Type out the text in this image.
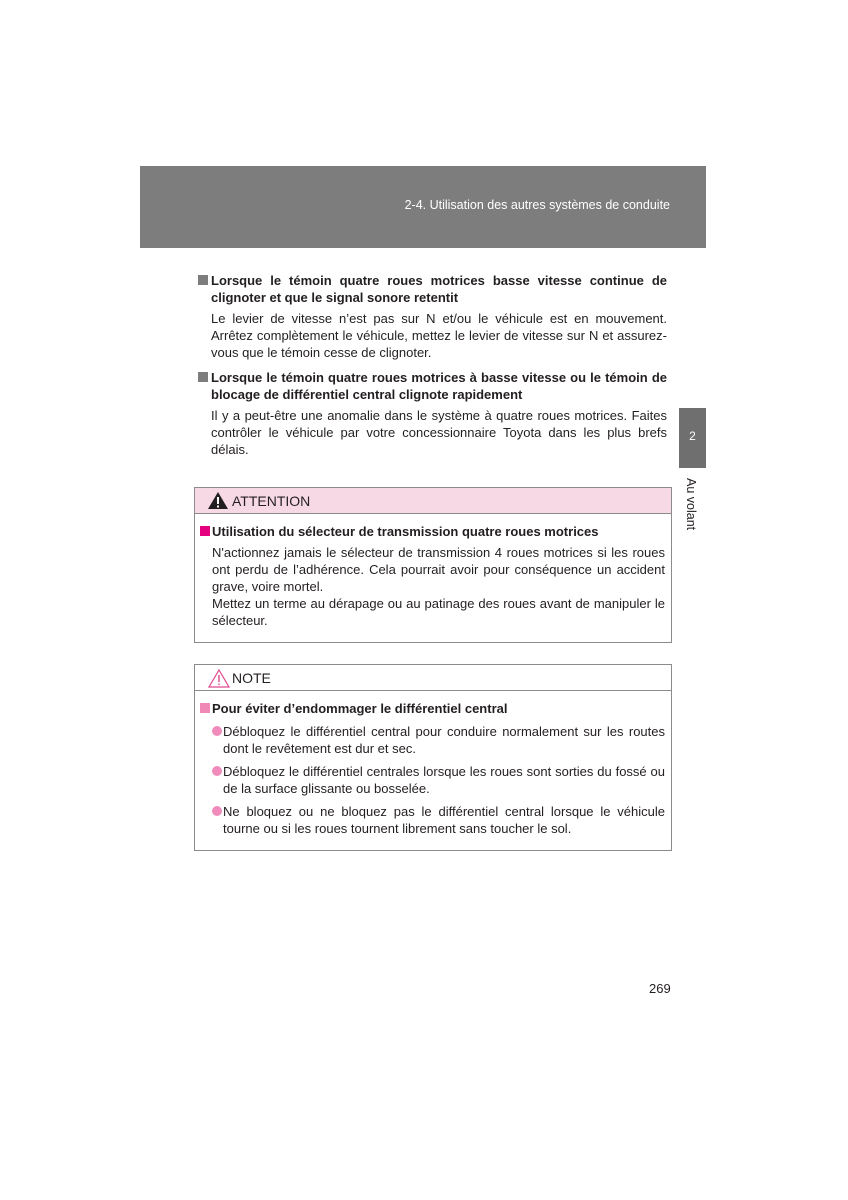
2-4. Utilisation des autres systèmes de conduite
2
Au volant
Lorsque le témoin quatre roues motrices basse vitesse continue de clignoter et que le signal sonore retentit
Le levier de vitesse n’est pas sur N et/ou le véhicule est en mouvement. Arrêtez complètement le véhicule, mettez le levier de vitesse sur N et assurez-vous que le témoin cesse de clignoter.
Lorsque le témoin quatre roues motrices à basse vitesse ou le témoin de blocage de différentiel central clignote rapidement
Il y a peut-être une anomalie dans le système à quatre roues motrices. Faites contrôler le véhicule par votre concessionnaire Toyota dans les plus brefs délais.
ATTENTION
Utilisation du sélecteur de transmission quatre roues motrices
N'actionnez jamais le sélecteur de transmission 4 roues motrices si les roues ont perdu de l’adhérence. Cela pourrait avoir pour conséquence un accident grave, voire mortel.
Mettez un terme au dérapage ou au patinage des roues avant de manipuler le sélecteur.
NOTE
Pour éviter d’endommager le différentiel central
Débloquez le différentiel central pour conduire normalement sur les routes dont le revêtement est dur et sec.
Débloquez le différentiel centrales lorsque les roues sont sorties du fossé ou de la surface glissante ou bosselée.
Ne bloquez ou ne bloquez pas le différentiel central lorsque le véhicule tourne ou si les roues tournent librement sans toucher le sol.
269
